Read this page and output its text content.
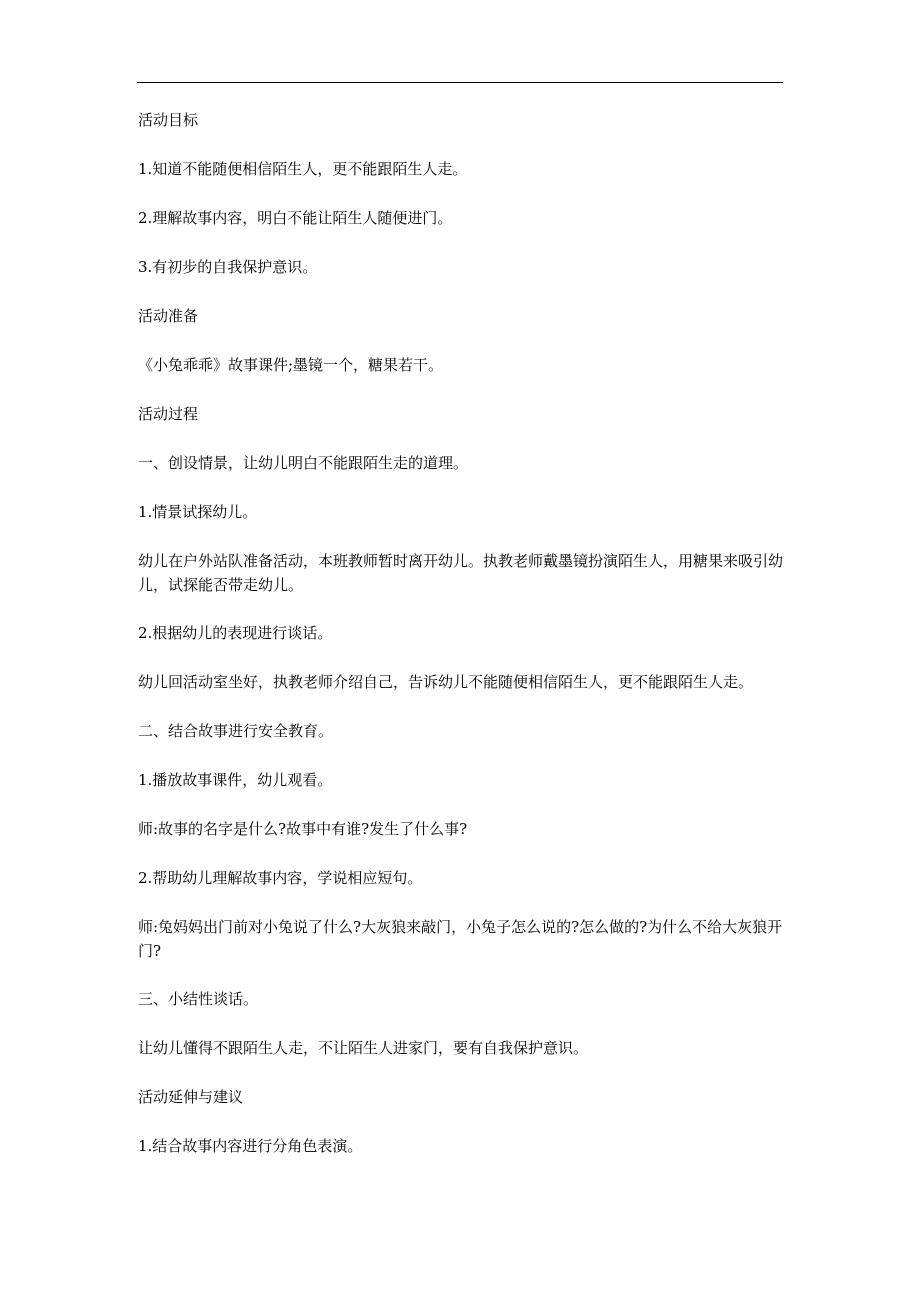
活动目标

1.知道不能随便相信陌生人，更不能跟陌生人走。

2.理解故事内容，明白不能让陌生人随便进门。

3.有初步的自我保护意识。

活动准备

《小兔乖乖》故事课件;墨镜一个，糖果若干。

活动过程

一、创设情景，让幼儿明白不能跟陌生走的道理。

1.情景试探幼儿。

幼儿在户外站队准备活动，本班教师暂时离开幼儿。执教老师戴墨镜扮演陌生人，用糖果来吸引幼儿，试探能否带走幼儿。

2.根据幼儿的表现进行谈话。

幼儿回活动室坐好，执教老师介绍自己，告诉幼儿不能随便相信陌生人，更不能跟陌生人走。

二、结合故事进行安全教育。

1.播放故事课件，幼儿观看。

师:故事的名字是什么?故事中有谁?发生了什么事?

2.帮助幼儿理解故事内容，学说相应短句。

师:兔妈妈出门前对小兔说了什么?大灰狼来敲门，小兔子怎么说的?怎么做的?为什么不给大灰狼开门?

三、小结性谈话。

让幼儿懂得不跟陌生人走，不让陌生人进家门，要有自我保护意识。

活动延伸与建议

1.结合故事内容进行分角色表演。
